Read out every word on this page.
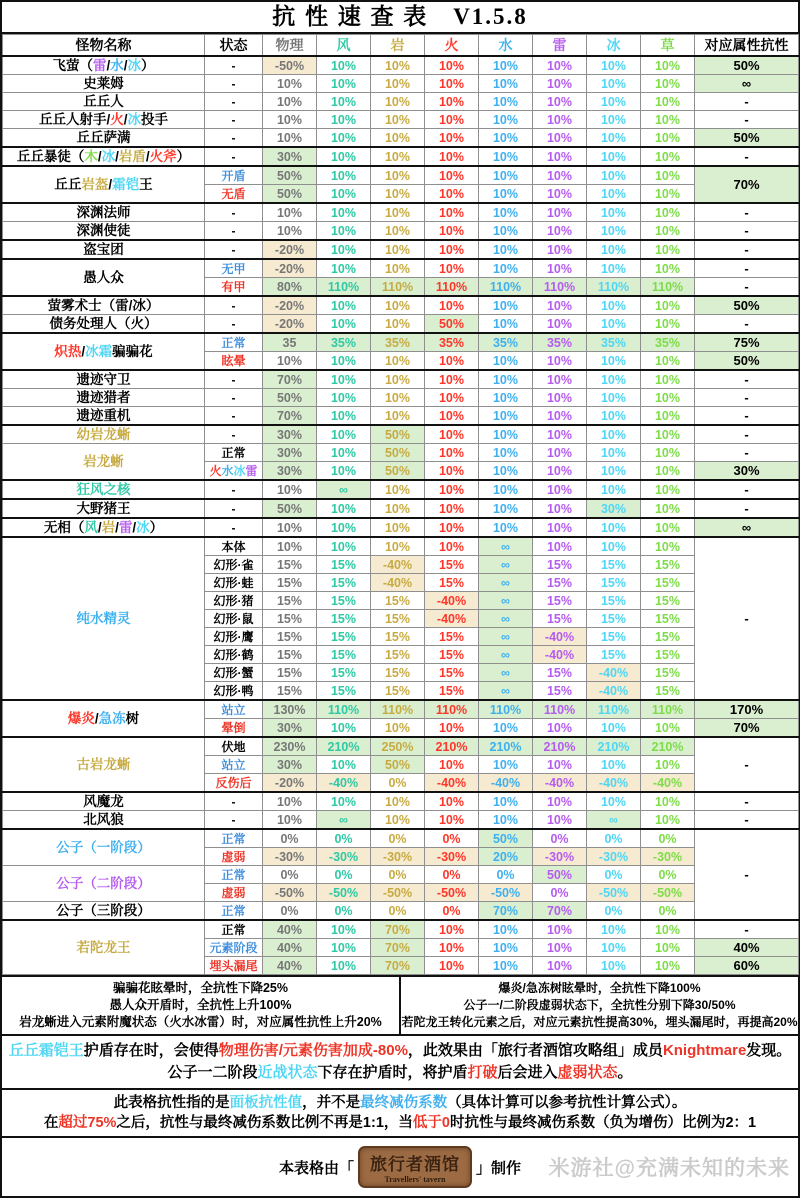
抗 性 速 查 表　V1.5.8
怪物名称	状态	物理	风	岩	火	水	雷	冰	草	对应属性抗性
飞萤（雷/水/冰）	-	-50%	10%	10%	10%	10%	10%	10%	10%	50%
史莱姆	-	10%	10%	10%	10%	10%	10%	10%	10%	∞
丘丘人	-	10%	10%	10%	10%	10%	10%	10%	10%	-
丘丘人射手/火/冰投手	-	10%	10%	10%	10%	10%	10%	10%	10%	-
丘丘萨满	-	10%	10%	10%	10%	10%	10%	10%	10%	50%
丘丘暴徒（木/冰/岩盾/火斧）	-	30%	10%	10%	10%	10%	10%	10%	10%	-
丘丘岩盔/霜铠王	开盾	50%	10%	10%	10%	10%	10%	10%	10%	70%
	无盾	50%	10%	10%	10%	10%	10%	10%	10%	
深渊法师	-	10%	10%	10%	10%	10%	10%	10%	10%	-
深渊使徒	-	10%	10%	10%	10%	10%	10%	10%	10%	-
盗宝团	-	-20%	10%	10%	10%	10%	10%	10%	10%	-
愚人众	无甲	-20%	10%	10%	10%	10%	10%	10%	10%	-
	有甲	80%	110%	110%	110%	110%	110%	110%	110%	-
萤雾术士（雷/冰）	-	-20%	10%	10%	10%	10%	10%	10%	10%	50%
债务处理人（火）	-	-20%	10%	10%	50%	10%	10%	10%	10%	-
炽热/冰霜骗骗花	正常	35	35%	35%	35%	35%	35%	35%	35%	75%
	眩晕	10%	10%	10%	10%	10%	10%	10%	10%	50%
遗迹守卫	-	70%	10%	10%	10%	10%	10%	10%	10%	-
遗迹猎者	-	50%	10%	10%	10%	10%	10%	10%	10%	-
遗迹重机	-	70%	10%	10%	10%	10%	10%	10%	10%	-
幼岩龙蜥	-	30%	10%	50%	10%	10%	10%	10%	10%	-
岩龙蜥	正常	30%	10%	50%	10%	10%	10%	10%	10%	-
	火水冰雷	30%	10%	50%	10%	10%	10%	10%	10%	30%
狂风之核	-	10%	∞	10%	10%	10%	10%	10%	10%	-
大野猪王	-	50%	10%	10%	10%	10%	10%	30%	10%	-
无相（风/岩/雷/冰）	-	10%	10%	10%	10%	10%	10%	10%	10%	∞
纯水精灵	本体	10%	10%	10%	10%	∞	10%	10%	10%	-
	幻形·雀	15%	15%	-40%	15%	∞	15%	15%	15%	
	幻形·蛙	15%	15%	-40%	15%	∞	15%	15%	15%	
	幻形·猪	15%	15%	15%	-40%	∞	15%	15%	15%	
	幻形·鼠	15%	15%	15%	-40%	∞	15%	15%	15%	
	幻形·鹰	15%	15%	15%	15%	∞	-40%	15%	15%	
	幻形·鹤	15%	15%	15%	15%	∞	-40%	15%	15%	
	幻形·蟹	15%	15%	15%	15%	∞	15%	-40%	15%	
	幻形·鸭	15%	15%	15%	15%	∞	15%	-40%	15%	
爆炎/急冻树	站立	130%	110%	110%	110%	110%	110%	110%	110%	170%
	晕倒	30%	10%	10%	10%	10%	10%	10%	10%	70%
古岩龙蜥	伏地	230%	210%	250%	210%	210%	210%	210%	210%	-
	站立	30%	10%	50%	10%	10%	10%	10%	10%	
	反伤后	-20%	-40%	0%	-40%	-40%	-40%	-40%	-40%	
风魔龙	-	10%	10%	10%	10%	10%	10%	10%	10%	-
北风狼	-	10%	∞	10%	10%	10%	10%	∞	10%	-
公子（一阶段）	正常	0%	0%	0%	0%	50%	0%	0%	0%	-
	虚弱	-30%	-30%	-30%	-30%	20%	-30%	-30%	-30%	
公子（二阶段）	正常	0%	0%	0%	0%	0%	50%	0%	0%	
	虚弱	-50%	-50%	-50%	-50%	-50%	0%	-50%	-50%	
公子（三阶段）	正常	0%	0%	0%	0%	70%	70%	0%	0%	
若陀龙王	正常	40%	10%	70%	10%	10%	10%	10%	10%	-
	元素阶段	40%	10%	70%	10%	10%	10%	10%	10%	40%
	埋头漏尾	40%	10%	70%	10%	10%	10%	10%	10%	60%
骗骗花眩晕时，全抗性下降25%
愚人众开盾时，全抗性上升100%
岩龙蜥进入元素附魔状态（火水冰雷）时，对应属性抗性上升20%
爆炎/急冻树眩晕时，全抗性下降100%
公子一/二阶段虚弱状态下，全抗性分别下降30/50%
若陀龙王转化元素之后，对应元素抗性提高30%，埋头漏尾时，再提高20%
丘丘霜铠王护盾存在时，会使得物理伤害/元素伤害加成-80%，此效果由「旅行者酒馆攻略组」成员Knightmare发现。
公子一二阶段近战状态下存在护盾时，将护盾打破后会进入虚弱状态。
此表格抗性指的是面板抗性值，并不是最终减伤系数（具体计算可以参考抗性计算公式）。
在超过75%之后，抗性与最终减伤系数比例不再是1:1，当低于0时抗性与最终减伤系数（负为增伤）比例为2：1
本表格由「 旅行者酒馆
Travellers' tavern
」制作 米游社@充满未知的未来
